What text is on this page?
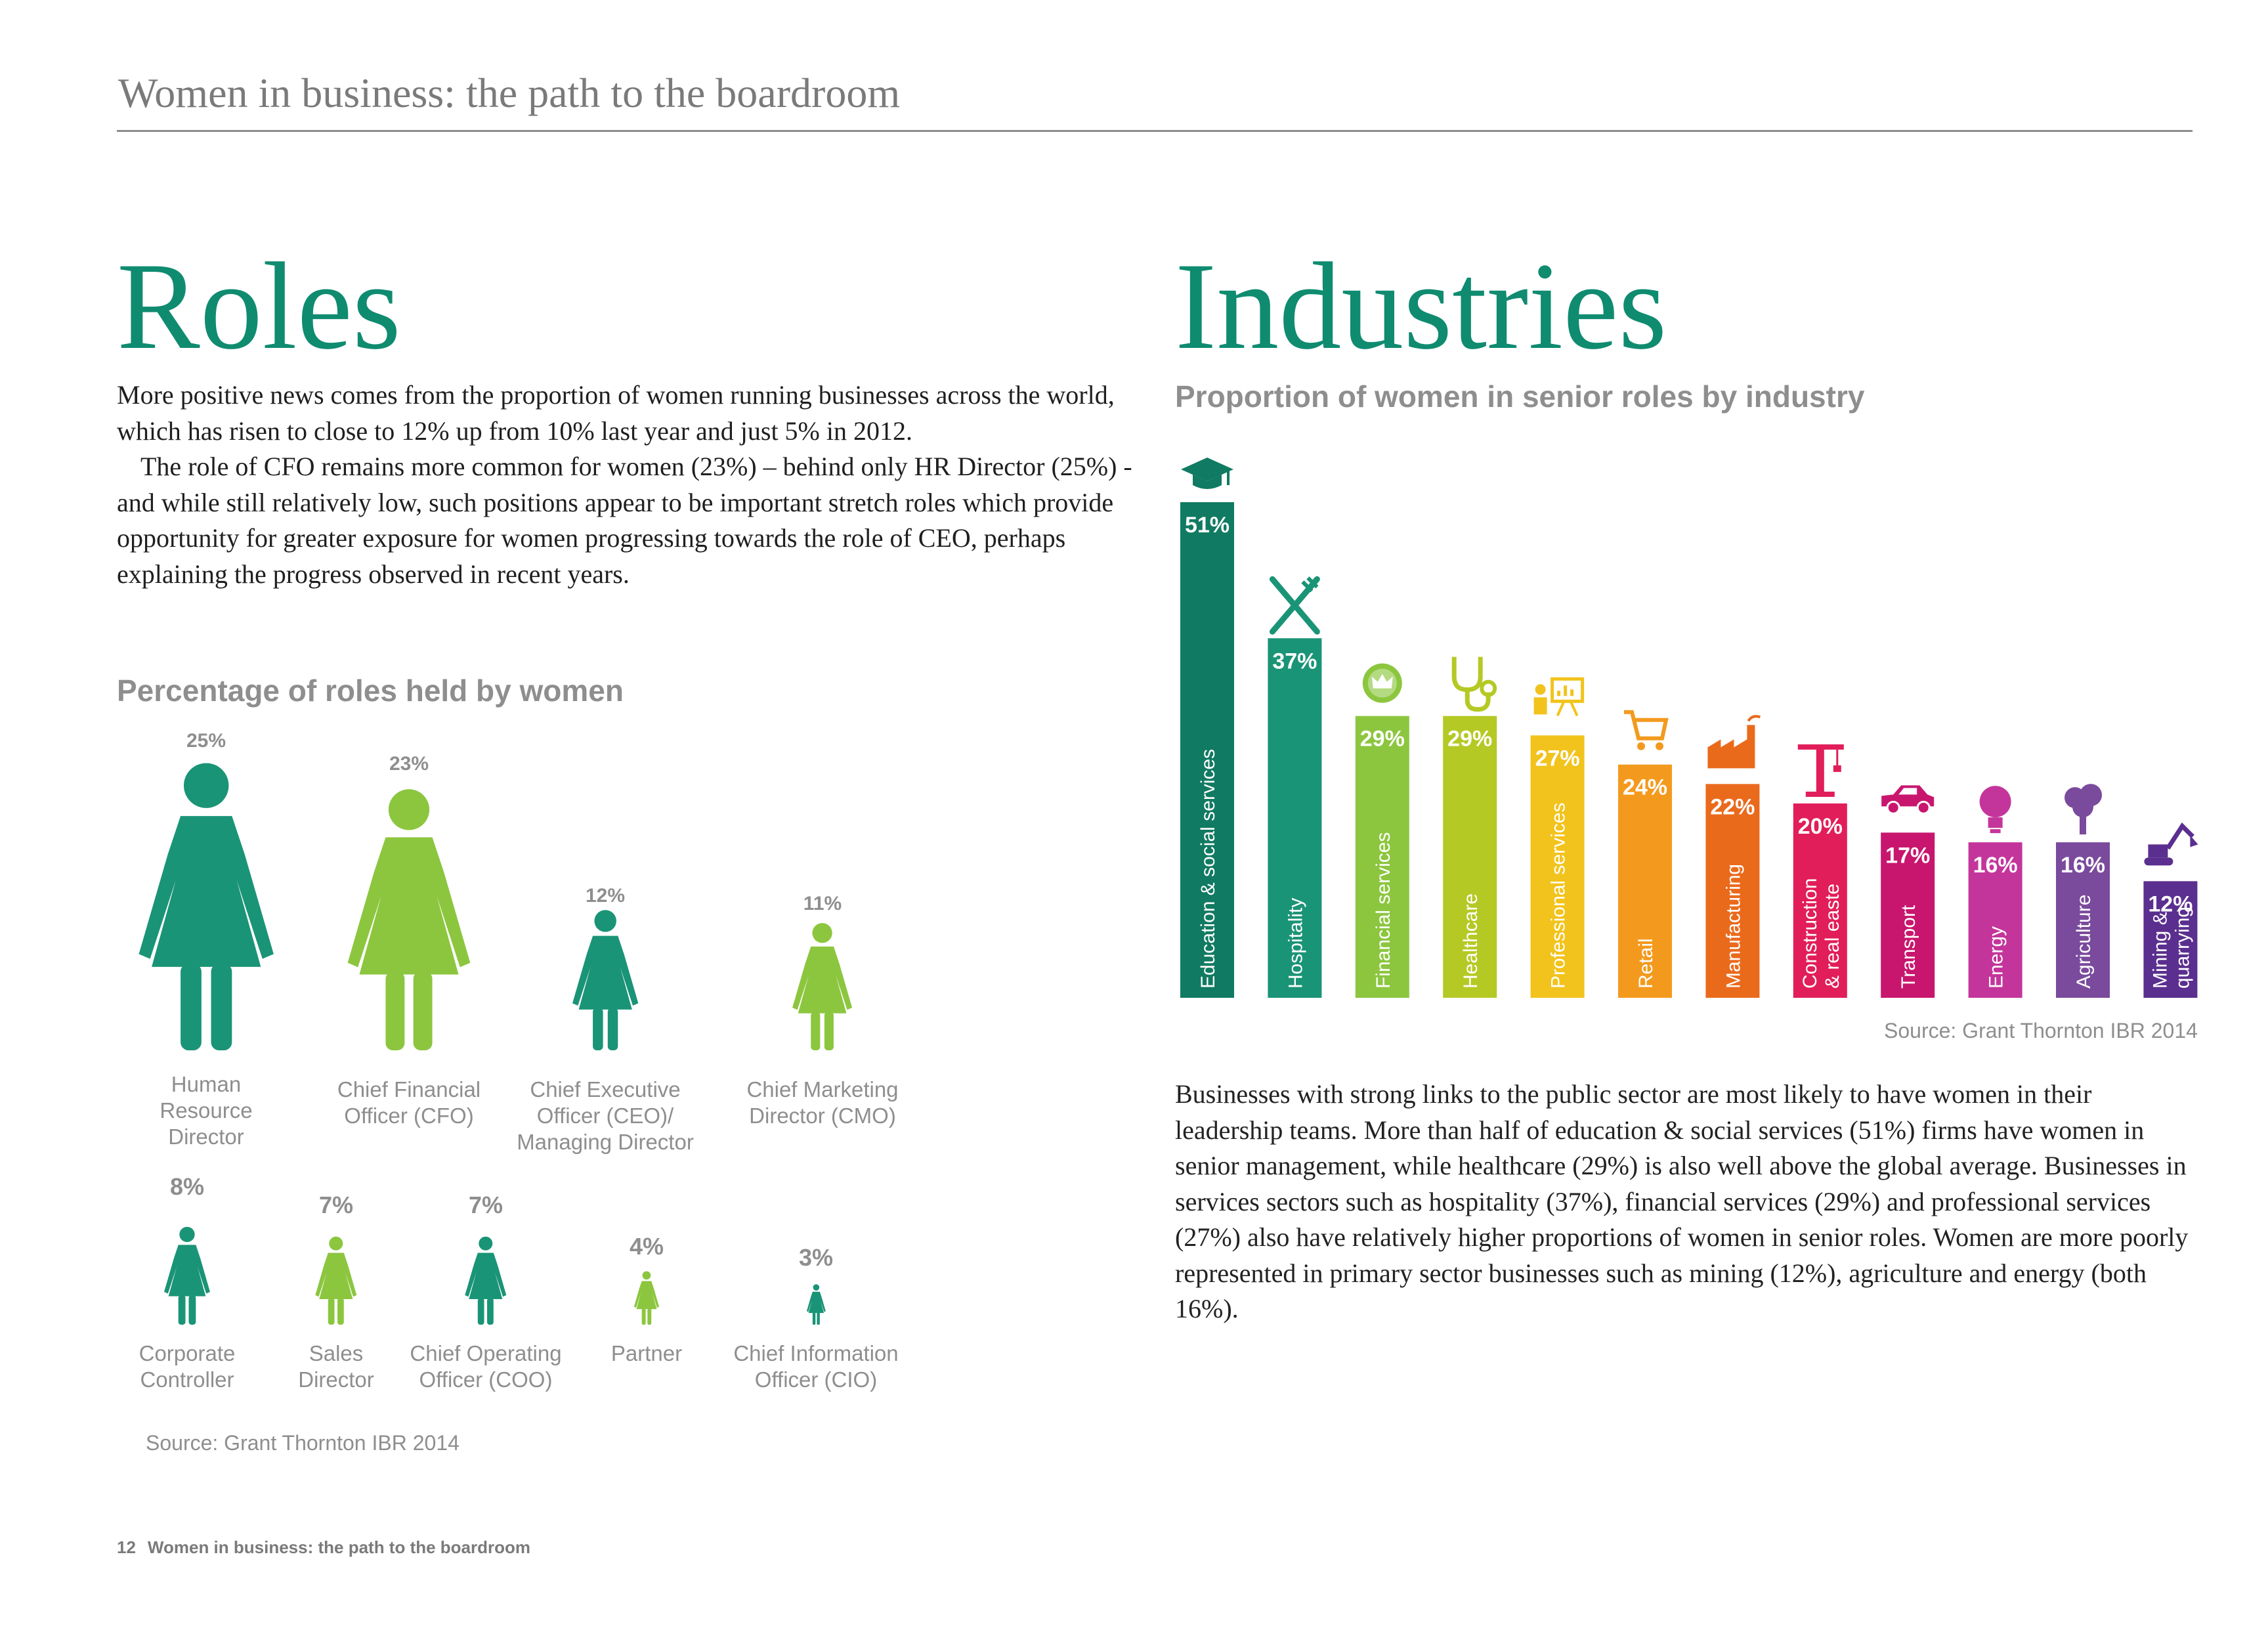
Women in business: the path to the boardroom
Roles	Industries

More positive news comes from the proportion of women running businesses across the world, which has risen to close to 12% up from 10% last year and just 5% in 2012.

The role of CFO remains more common for women (23%) – behind only HR Director (25%) - and while still relatively low, such positions appear to be important stretch roles which provide opportunity for greater exposure for women progressing towards the role of CEO, perhaps explaining the progress observed in recent years.

Percentage of roles held by women
Proportion of women in senior roles by industry
25%
Human
Resource
Director
23%
Chief Financial
Officer (CFO)
12%
Chief Executive
Officer (CEO)/
Managing Director
11%
Chief Marketing
Director (CMO)
8%
Corporate
Controller
7%
Sales
Director
7%
Chief Operating
Officer (COO)
4%
Partner
3%
Chief Information
Officer (CIO)
Source: Grant Thornton IBR 2014
51%
Education & social services
37%
Hospitality
29%
Financial services
29%
Healthcare
27%
Professional services
24%
Retail
22%
Manufacturing
20%
Construction & real easte
17%
Transport
16%
Energy
16%
Agriculture 12%
Mining & quarrying
Source: Grant Thornton IBR 2014
Businesses with strong links to the public sector are most likely to have women in their leadership teams. More than half of education & social services (51%) firms have women in senior management, while healthcare (29%) is also well above the global average. Businesses in services sectors such as hospitality (37%), financial services (29%) and professional services (27%) also have relatively higher proportions of women in senior roles. Women are more poorly represented in primary sector businesses such as mining (12%), agriculture and energy (both 16%).
12 Women in business: the path to the boardroom
